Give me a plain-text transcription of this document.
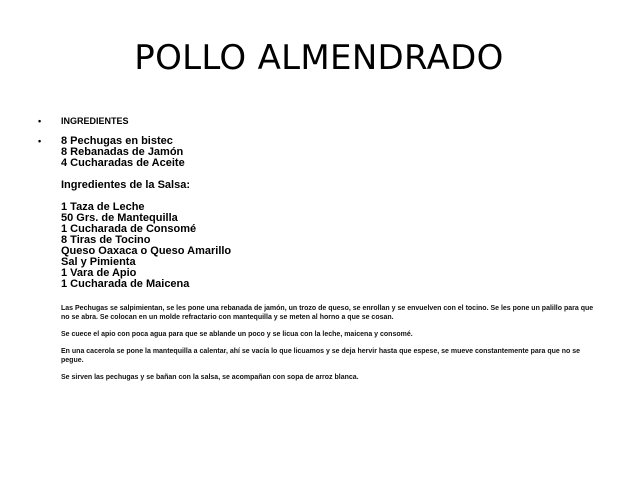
POLLO ALMENDRADO
• INGREDIENTES
• 8 Pechugas en bistec
8 Rebanadas de Jamón
4 Cucharadas de Aceite
Ingredientes de la Salsa:
1 Taza de Leche
50 Grs. de Mantequilla
1 Cucharada de Consomé
8 Tiras de Tocino
Queso Oaxaca o Queso Amarillo
Sal y Pimienta
1 Vara de Apio
1 Cucharada de Maicena

Las Pechugas se salpimientan, se les pone una rebanada de jamón, un trozo de queso, se enrollan y se envuelven con el tocino. Se les pone un palillo para que no se abra. Se colocan en un molde refractario con mantequilla y se meten al horno a que se cosan.

Se cuece el apio con poca agua para que se ablande un poco y se licua con la leche, maicena y consomé.

En una cacerola se pone la mantequilla a calentar, ahí se vacía lo que licuamos y se deja hervir hasta que espese, se mueve constantemente para que no se pegue.

Se sirven las pechugas y se bañan con la salsa, se acompañan con sopa de arroz blanca.
